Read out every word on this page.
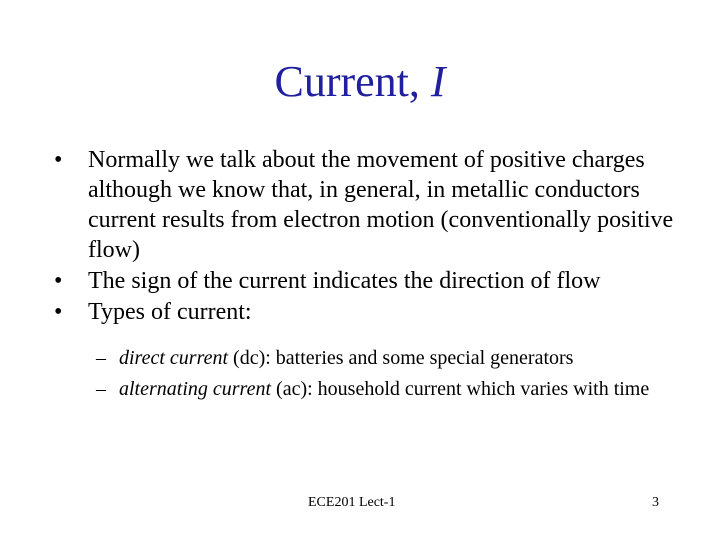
Current, I
•	Normally we talk about the movement of positive charges although we know that, in general, in metallic conductors current results from electron motion (conventionally positive flow)
•	The sign of the current indicates the direction of flow
•	Types of current:
– direct current (dc): batteries and some special generators
– alternating current (ac): household current which varies with time
ECE201 Lect-1	3
